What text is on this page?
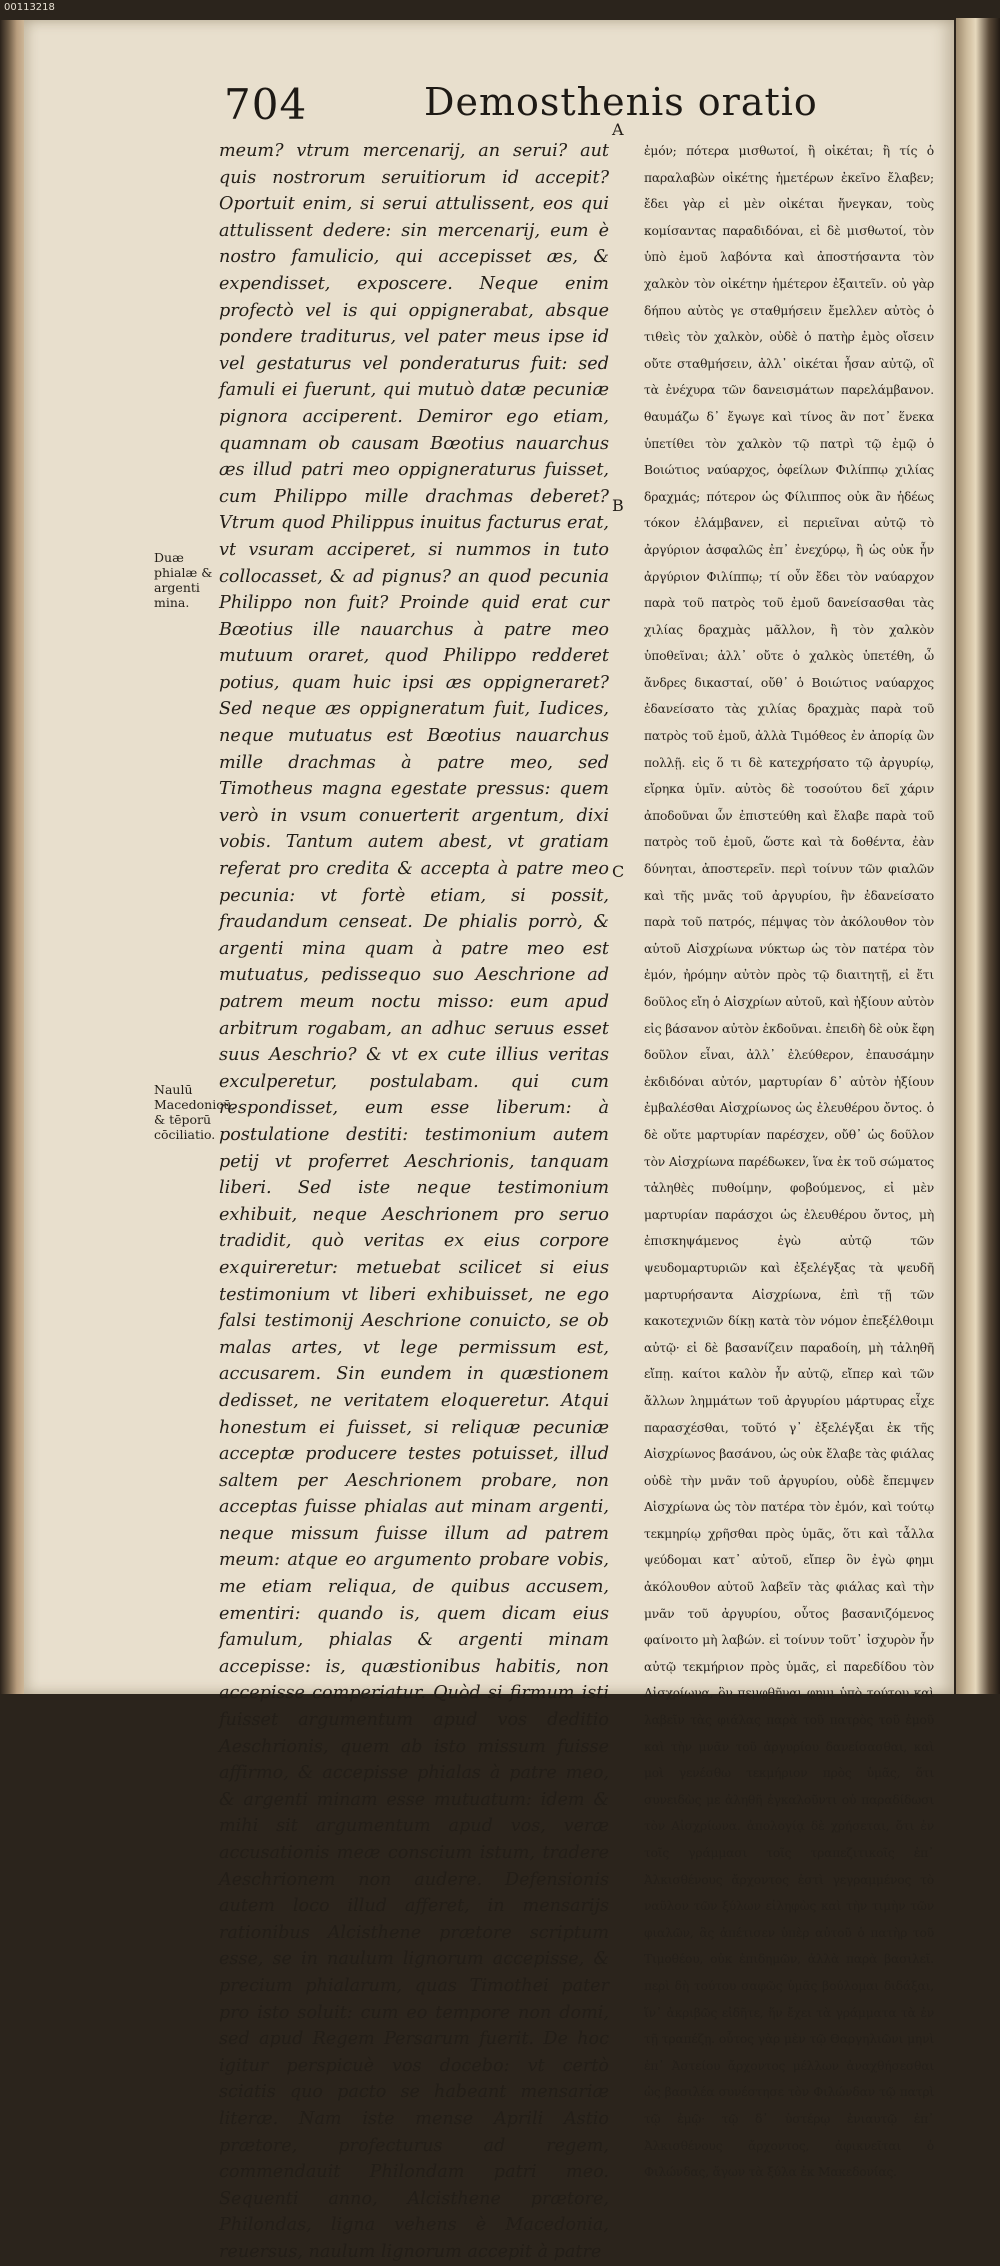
00113218
704	Demosthenis oratio
Duæ phialæ & argenti mina.
Naulū Macedonicū, & tēporū cōciliatio.

meum? vtrum mercenarij, an serui? aut quis nostrorum seruitiorum id accepit? Oportuit enim, si serui attulissent, eos qui attulissent dedere: sin mercenarij, eum è nostro famulicio, qui accepisset æs, & expendisset, exposcere. Neque enim profectò vel is qui oppignerabat, absque pondere traditurus, vel pater meus ipse id vel gestaturus vel ponderaturus fuit: sed famuli ei fuerunt, qui mutuò datæ pecuniæ pignora acciperent. Demiror ego etiam, quamnam ob causam Bœotius nauarchus æs illud patri meo oppigneraturus fuisset, cum Philippo mille drachmas deberet? Vtrum quod Philippus inuitus facturus erat, vt vsuram acciperet, si nummos in tuto collocasset, & ad pignus? an quod pecunia Philippo non fuit? Proinde quid erat cur Bœotius ille nauarchus à patre meo mutuum oraret, quod Philippo redderet potius, quam huic ipsi æs oppigneraret? Sed neque æs oppigneratum fuit, Iudices, neque mutuatus est Bœotius nauarchus mille drachmas à patre meo, sed Timotheus magna egestate pressus: quem verò in vsum conuerterit argentum, dixi vobis. Tantum autem abest, vt gratiam referat pro credita & accepta à patre meo pecunia: vt fortè etiam, si possit, fraudandum censeat. De phialis porrò, & argenti mina quam à patre meo est mutuatus, pedissequo suo Aeschrione ad patrem meum noctu misso: eum apud arbitrum rogabam, an adhuc seruus esset suus Aeschrio? & vt ex cute illius veritas exculperetur, postulabam. qui cum respondisset, eum esse liberum: à postulatione destiti: testimonium autem petij vt proferret Aeschrionis, tanquam liberi. Sed iste neque testimonium exhibuit, neque Aeschrionem pro seruo tradidit, quò veritas ex eius corpore exquireretur: metuebat scilicet si eius testimonium vt liberi exhibuisset, ne ego falsi testimonij Aeschrione conuicto, se ob malas artes, vt lege permissum est, accusarem. Sin eundem in quæstionem dedisset, ne veritatem eloqueretur. Atqui honestum ei fuisset, si reliquæ pecuniæ acceptæ producere testes potuisset, illud saltem per Aeschrionem probare, non acceptas fuisse phialas aut minam argenti, neque missum fuisse illum ad patrem meum: atque eo argumento probare vobis, me etiam reliqua, de quibus accusem, ementiri: quando is, quem dicam eius famulum, phialas & argenti minam accepisse: is, quæstionibus habitis, non accepisse comperiatur. Quòd si firmum isti fuisset argumentum apud vos deditio Aeschrionis, quem ab isto missum fuisse affirmo, & accepisse phialas à patre meo, & argenti minam esse mutuatum: idem & mihi sit argumentum apud vos, veræ accusationis meæ conscium istum, tradere Aeschrionem non audere. Defensionis autem loco illud afferet, in mensarijs rationibus Alcisthene prætore scriptum esse, se in naulum lignorum accepisse, & precium phialarum, quas Timothei pater pro isto soluit: cum eo tempore non domi, sed apud Regem Persarum fuerit. De hoc igitur perspicuè vos docebo: vt certò sciatis quo pacto se habeant mensariæ literæ. Nam iste mense Aprili Astio prætore, profecturus ad regem, commendauit Philondam patri meo. Sequenti anno, Alcisthene prætore, Philondas, ligna vehens è Macedonia, reuersus, naulum lignorum accepit à patre

A
B
C

ἐμόν; πότερα μισθωτοί, ἢ οἰκέται; ἢ τίς ὁ παραλαβὼν οἰκέτης ἡμετέρων ἐκεῖνο ἔλαβεν; ἔδει γὰρ εἰ μὲν οἰκέται ἤνεγκαν, τοὺς κομίσαντας παραδιδόναι, εἰ δὲ μισθωτοί, τὸν ὑπὸ ἐμοῦ λαβόντα καὶ ἀποστήσαντα τὸν χαλκὸν τὸν οἰκέτην ἡμέτερον ἐξαιτεῖν. οὐ γὰρ δήπου αὐτὸς γε σταθμήσειν ἔμελλεν αὐτὸς ὁ τιθεὶς τὸν χαλκὸν, οὐδὲ ὁ πατὴρ ἐμὸς οἴσειν οὔτε σταθμήσειν, ἀλλ᾽ οἰκέται ἦσαν αὐτῷ, οἳ τὰ ἐνέχυρα τῶν δανεισμάτων παρελάμβανον. θαυμάζω δ᾽ ἔγωγε καὶ τίνος ἂν ποτ᾽ ἕνεκα ὑπετίθει τὸν χαλκὸν τῷ πατρὶ τῷ ἐμῷ ὁ Βοιώτιος ναύαρχος, ὀφείλων Φιλίππῳ χιλίας δραχμάς; πότερον ὡς Φίλιππος οὐκ ἂν ἡδέως τόκον ἐλάμβανεν, εἰ περιεῖναι αὐτῷ τὸ ἀργύριον ἀσφαλῶς ἐπ᾽ ἐνεχύρῳ, ἢ ὡς οὐκ ἦν ἀργύριον Φιλίππῳ; τί οὖν ἔδει τὸν ναύαρχον παρὰ τοῦ πατρὸς τοῦ ἐμοῦ δανείσασθαι τὰς χιλίας δραχμὰς μᾶλλον, ἢ τὸν χαλκὸν ὑποθεῖναι; ἀλλ᾽ οὔτε ὁ χαλκὸς ὑπετέθη, ὦ ἄνδρες δικασταί, οὔθ᾽ ὁ Βοιώτιος ναύαρχος ἐδανείσατο τὰς χιλίας δραχμὰς παρὰ τοῦ πατρὸς τοῦ ἐμοῦ, ἀλλὰ Τιμόθεος ἐν ἀπορίᾳ ὢν πολλῇ. εἰς ὅ τι δὲ κατεχρήσατο τῷ ἀργυρίῳ, εἴρηκα ὑμῖν. αὐτὸς δὲ τοσούτου δεῖ χάριν ἀποδοῦναι ὧν ἐπιστεύθη καὶ ἔλαβε παρὰ τοῦ πατρὸς τοῦ ἐμοῦ, ὥστε καὶ τὰ δοθέντα, ἐὰν δύνηται, ἀποστερεῖν. περὶ τοίνυν τῶν φιαλῶν καὶ τῆς μνᾶς τοῦ ἀργυρίου, ἣν ἐδανείσατο παρὰ τοῦ πατρός, πέμψας τὸν ἀκόλουθον τὸν αὑτοῦ Αἰσχρίωνα νύκτωρ ὡς τὸν πατέρα τὸν ἐμόν, ἠρόμην αὐτὸν πρὸς τῷ διαιτητῇ, εἰ ἔτι δοῦλος εἴη ὁ Αἰσχρίων αὐτοῦ, καὶ ἠξίουν αὐτὸν εἰς βάσανον αὐτὸν ἐκδοῦναι. ἐπειδὴ δὲ οὐκ ἔφη δοῦλον εἶναι, ἀλλ᾽ ἐλεύθερον, ἐπαυσάμην ἐκδιδόναι αὐτόν, μαρτυρίαν δ᾽ αὐτὸν ἠξίουν ἐμβαλέσθαι Αἰσχρίωνος ὡς ἐλευθέρου ὄντος. ὁ δὲ οὔτε μαρτυρίαν παρέσχεν, οὔθ᾽ ὡς δοῦλον τὸν Αἰσχρίωνα παρέδωκεν, ἵνα ἐκ τοῦ σώματος τἀληθὲς πυθοίμην, φοβούμενος, εἰ μὲν μαρτυρίαν παράσχοι ὡς ἐλευθέρου ὄντος, μὴ ἐπισκηψάμενος ἐγὼ αὐτῷ τῶν ψευδομαρτυριῶν καὶ ἐξελέγξας τὰ ψευδῆ μαρτυρήσαντα Αἰσχρίωνα, ἐπὶ τῇ τῶν κακοτεχνιῶν δίκῃ κατὰ τὸν νόμον ἐπεξέλθοιμι αὐτῷ· εἰ δὲ βασανίζειν παραδοίη, μὴ τἀληθῆ εἴπῃ. καίτοι καλὸν ἦν αὐτῷ, εἴπερ καὶ τῶν ἄλλων λημμάτων τοῦ ἀργυρίου μάρτυρας εἶχε παρασχέσθαι, τοῦτό γ᾽ ἐξελέγξαι ἐκ τῆς Αἰσχρίωνος βασάνου, ὡς οὐκ ἔλαβε τὰς φιάλας οὐδὲ τὴν μνᾶν τοῦ ἀργυρίου, οὐδὲ ἔπεμψεν Αἰσχρίωνα ὡς τὸν πατέρα τὸν ἐμόν, καὶ τούτῳ τεκμηρίῳ χρῆσθαι πρὸς ὑμᾶς, ὅτι καὶ τἆλλα ψεύδομαι κατ᾽ αὐτοῦ, εἴπερ ὃν ἐγὼ φημι ἀκόλουθον αὐτοῦ λαβεῖν τὰς φιάλας καὶ τὴν μνᾶν τοῦ ἀργυρίου, οὗτος βασανιζόμενος φαίνοιτο μὴ λαβών. εἰ τοίνυν τοῦτ᾽ ἰσχυρὸν ἦν αὐτῷ τεκμήριον πρὸς ὑμᾶς, εἰ παρεδίδου τὸν Αἰσχρίωνα, ὃν πεμφθῆναι φημι ὑπὸ τούτου καὶ λαβεῖν τὰς φιάλας παρὰ τοῦ πατρὸς τοῦ ἐμοῦ καὶ τὴν μνᾶν τοῦ ἀργυρίου δανείσασθαι, καὶ μοὶ γενέσθω τεκμήριον πρὸς ὑμᾶς, ὅτι συνειδὼς με ἀληθῆ ἐγκαλοῦντι οὐ παραδίδωσι τὸν Αἰσχρίωνα. ἀπολογίᾳ δὲ χρήσεται, ὅτι ἐν τοῖς γράμμασι τοῖς τραπεζιτικοῖς ἐπ᾽ Ἀλκισθένους ἄρχοντος ἐστὶ γεγραμμένος τὸ ναῦλον τῶν ξύλων εἰληφὼς καὶ τὴν τιμὴν τῶν φιαλῶν, ἃς ἀπέτισεν ὑπὲρ αὐτοῦ ὁ πατὴρ τοῦ Τιμοθέου, οὐκ ἐπιδημῶν, ἀλλὰ παρὰ βασιλεῖ. περὶ δὴ τούτου σαφῶς ὑμᾶς βούλομαι διδάξαι, ἵν᾽ ἀκριβῶς εἰδῆτε, ἥν ἔχει τὰ γράμματα τὰ ἐν τῇ τραπέζῃ. οὗτος γὰρ μὲν τῷ Θαργηλιῶνι μηνὶ ἐπ᾽ Ἀστείου ἄρχοντος μέλλων ἀναχθήσεσθαι ὡς βασιλέα συνέστησε τὸν Φιλώνδαν τῷ πατρὶ τῷ ἐμῷ· τῷ δ᾽ ὑστέρῳ ἐνιαυτῷ ἐπ᾽ Ἀλκισθένους ἄρχοντος, ἀφικνεῖται ὁ Φιλώνδας, ἄγων τὰ ξύλα ἐκ Μακεδονίας.
